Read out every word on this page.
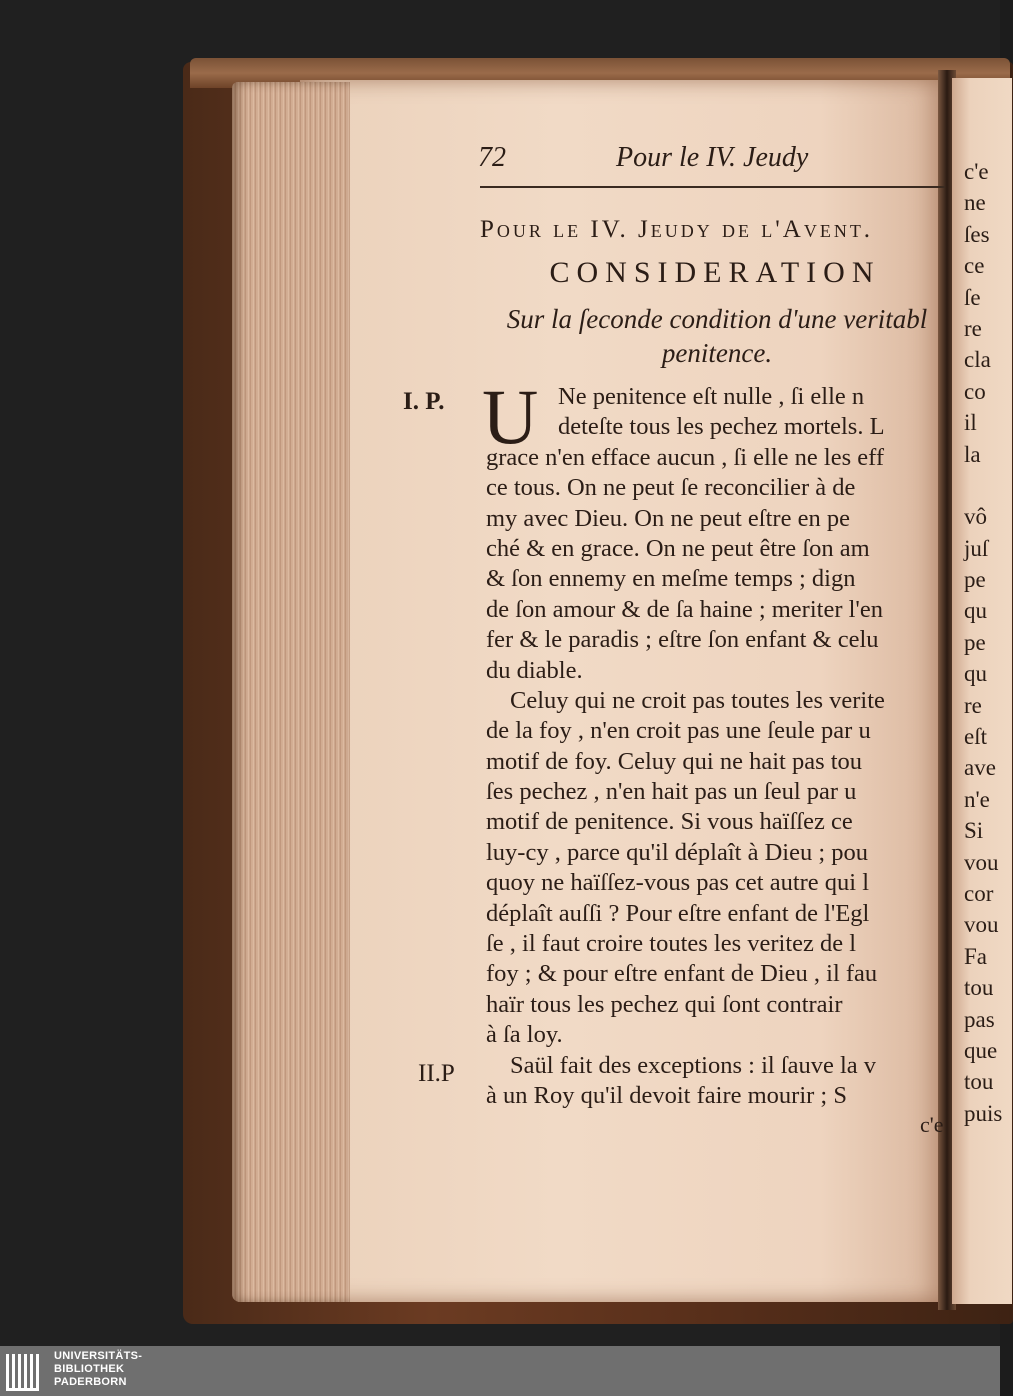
72	Pour le IV. Jeudy
Pour le IV. Jeudy de l'Avent.
CONSIDERATION
Sur la ſeconde condition d'une veritabl
penitence.
I. P.
II.P
U Ne penitence eſt nulle , ſi elle n
deteſte tous les pechez mortels. L
grace n'en efface aucun , ſi elle ne les eff
ce tous. On ne peut ſe reconcilier à de
my avec Dieu. On ne peut eſtre en pe
ché & en grace. On ne peut être ſon am
& ſon ennemy en meſme temps ; dign
de ſon amour & de ſa haine ; meriter l'en
fer & le paradis ; eſtre ſon enfant & celu
du diable.
Celuy qui ne croit pas toutes les verite
de la foy , n'en croit pas une ſeule par u
motif de foy. Celuy qui ne hait pas tou
ſes pechez , n'en hait pas un ſeul par u
motif de penitence. Si vous haïſſez ce
luy-cy , parce qu'il déplaît à Dieu ; pou
quoy ne haïſſez-vous pas cet autre qui l
déplaît auſſi ? Pour eſtre enfant de l'Egl
ſe , il faut croire toutes les veritez de l
foy ; & pour eſtre enfant de Dieu , il fau
haïr tous les pechez qui ſont contrair
à ſa loy.
Saül fait des exceptions : il ſauve la v
à un Roy qu'il devoit faire mourir ; S
c'e
c'e
ne
ſes
ce
ſe
re
cla
co
il
la
vô
juſ
pe
qu
pe
qu
re
eſt
ave
n'e
Si
vou
cor
vou
Fa
tou
pas
que
tou
puis
UNIVERSITÄTS-
BIBLIOTHEK
PADERBORN
